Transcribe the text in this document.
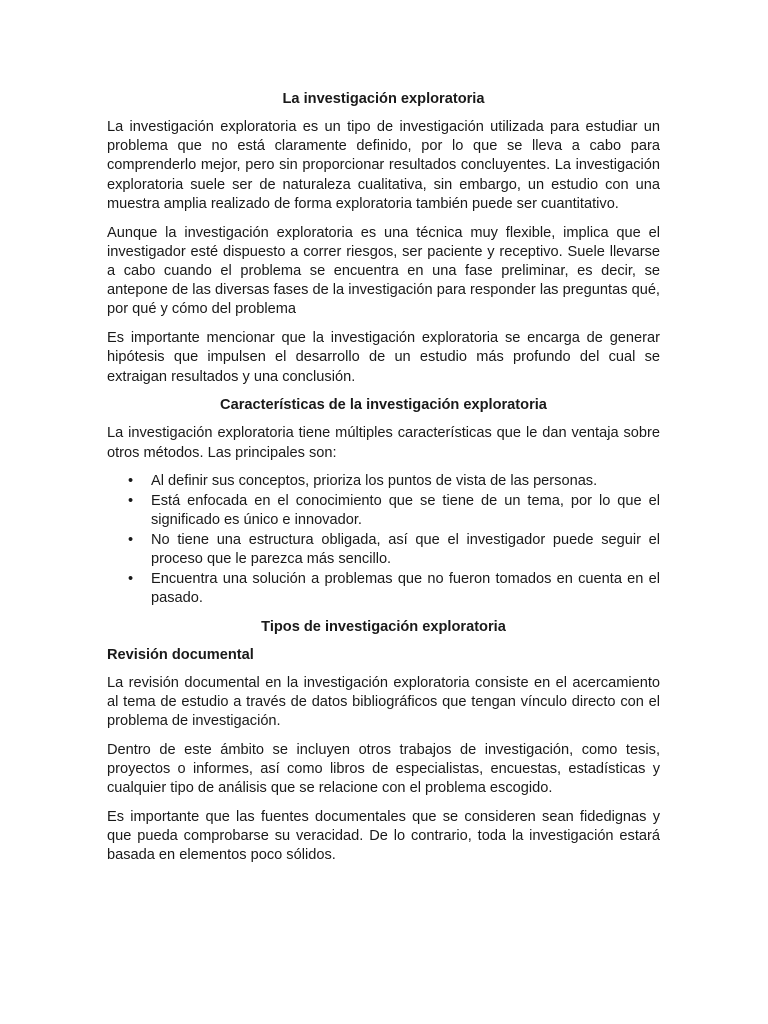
La investigación exploratoria

La investigación exploratoria es un tipo de investigación utilizada para estudiar un problema que no está claramente definido, por lo que se lleva a cabo para comprenderlo mejor, pero sin proporcionar resultados concluyentes. La investigación exploratoria suele ser de naturaleza cualitativa, sin embargo, un estudio con una muestra amplia realizado de forma exploratoria también puede ser cuantitativo.

Aunque la investigación exploratoria es una técnica muy flexible, implica que el investigador esté dispuesto a correr riesgos, ser paciente y receptivo. Suele llevarse a cabo cuando el problema se encuentra en una fase preliminar, es decir, se antepone de las diversas fases de la investigación para responder las preguntas qué, por qué y cómo del problema

Es importante mencionar que la investigación exploratoria se encarga de generar hipótesis que impulsen el desarrollo de un estudio más profundo del cual se extraigan resultados y una conclusión.

Características de la investigación exploratoria

La investigación exploratoria tiene múltiples características que le dan ventaja sobre otros métodos. Las principales son:

• Al definir sus conceptos, prioriza los puntos de vista de las personas.
• Está enfocada en el conocimiento que se tiene de un tema, por lo que el significado es único e innovador.
• No tiene una estructura obligada, así que el investigador puede seguir el proceso que le parezca más sencillo.
• Encuentra una solución a problemas que no fueron tomados en cuenta en el pasado.
Tipos de investigación exploratoria
Revisión documental

La revisión documental en la investigación exploratoria consiste en el acercamiento al tema de estudio a través de datos bibliográficos que tengan vínculo directo con el problema de investigación.

Dentro de este ámbito se incluyen otros trabajos de investigación, como tesis, proyectos o informes, así como libros de especialistas, encuestas, estadísticas y cualquier tipo de análisis que se relacione con el problema escogido.

Es importante que las fuentes documentales que se consideren sean fidedignas y que pueda comprobarse su veracidad. De lo contrario, toda la investigación estará basada en elementos poco sólidos.
